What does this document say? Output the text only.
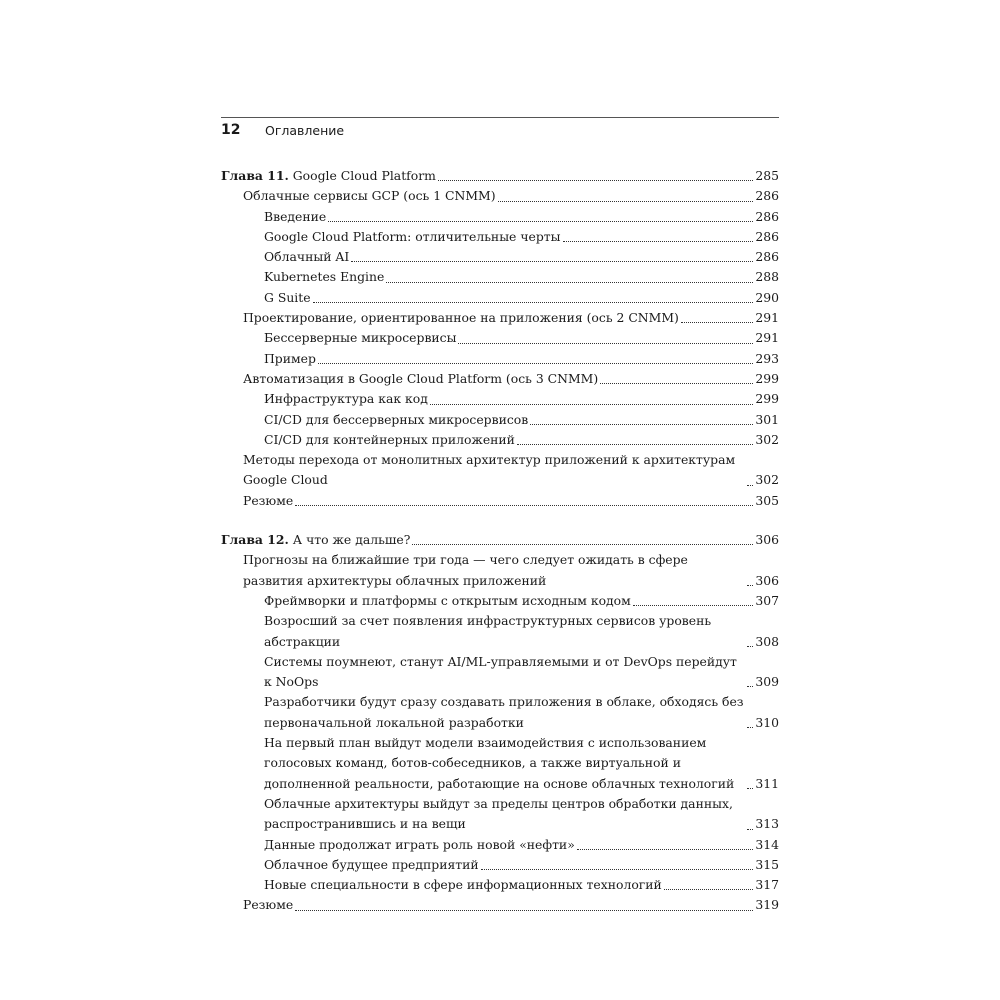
12 Оглавление
Глава 11. Google Cloud Platform	285
Облачные сервисы GCP (ось 1 CNMM)	286
Введение	286
Google Cloud Platform: отличительные черты	286
Облачный AI	286
Kubernetes Engine	288
G Suite	290
Проектирование, ориентированное на приложения (ось 2 CNMM)	291
Бессерверные микросервисы	291
Пример	293
Автоматизация в Google Cloud Platform (ось 3 CNMM)	299
Инфраструктура как код	299
CI/CD для бессерверных микросервисов	301
CI/CD для контейнерных приложений	302
Методы перехода от монолитных архитектур приложений к архитектурам Google Cloud	302
Резюме	305
Глава 12. А что же дальше?	306
Прогнозы на ближайшие три года — чего следует ожидать в сфере развития архитектуры облачных приложений	306
Фреймворки и платформы с открытым исходным кодом	307
Возросший за счет появления инфраструктурных сервисов уровень абстракции	308
Системы поумнеют, станут AI/ML-управляемыми и от DevOps перейдут к NoOps	309
Разработчики будут сразу создавать приложения в облаке, обходясь без первоначальной локальной разработки	310
На первый план выйдут модели взаимодействия с использованием голосовых команд, ботов-собеседников, а также виртуальной и дополненной реальности, работающие на основе облачных технологий	311
Облачные архитектуры выйдут за пределы центров обработки данных, распространившись и на вещи	313
Данные продолжат играть роль новой «нефти»	314
Облачное будущее предприятий	315
Новые специальности в сфере информационных технологий	317
Резюме	319
